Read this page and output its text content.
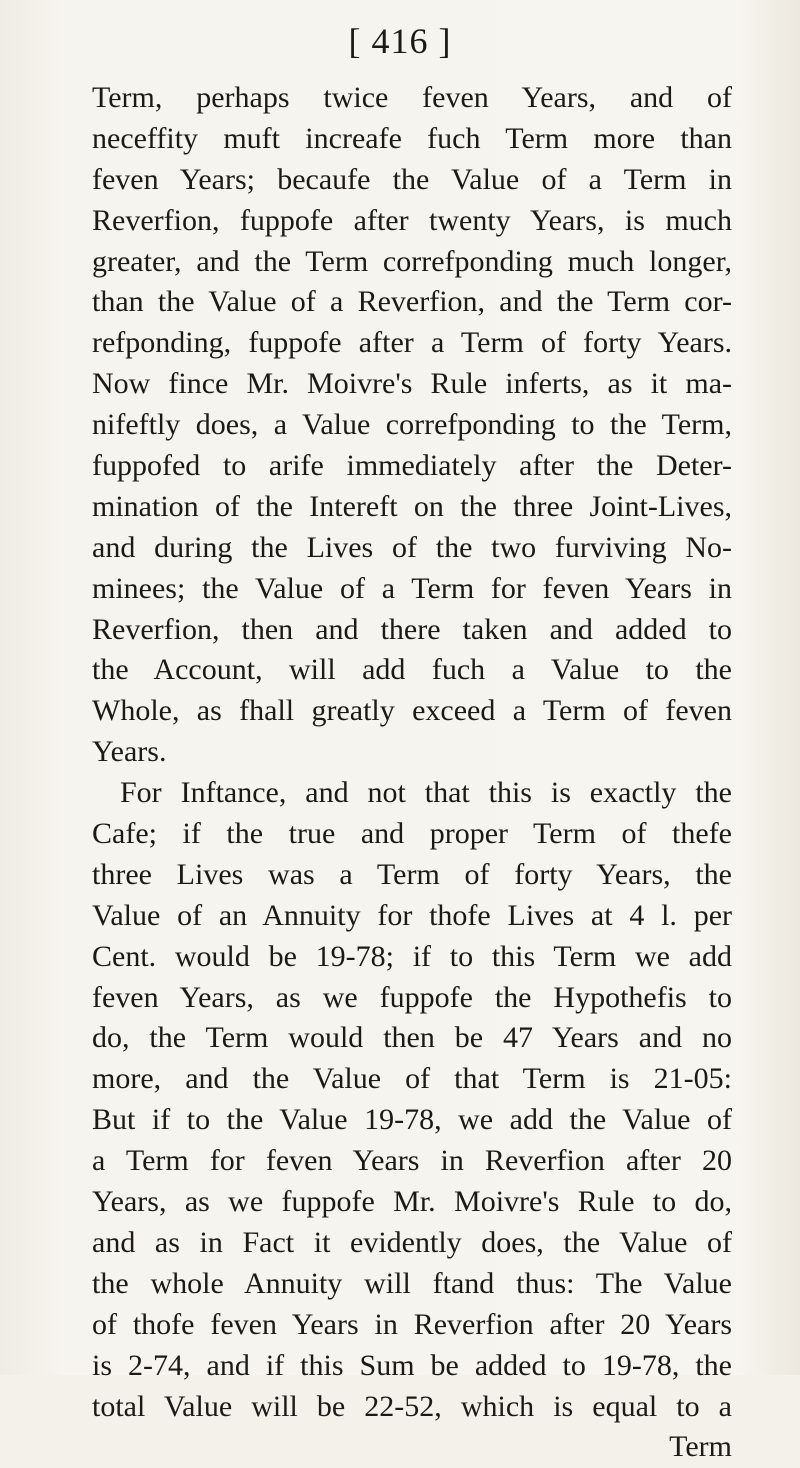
[ 416 ]
Term, perhaps twice feven Years, and of
neceffity muft increafe fuch Term more than
feven Years; becaufe the Value of a Term in
Reverfion, fuppofe after twenty Years, is much
greater, and the Term correfponding much longer,
than the Value of a Reverfion, and the Term cor-
refponding, fuppofe after a Term of forty Years.
Now fince Mr. Moivre's Rule inferts, as it ma-
nifeftly does, a Value correfponding to the Term,
fuppofed to arife immediately after the Deter-
mination of the Intereft on the three Joint-Lives,
and during the Lives of the two furviving No-
minees; the Value of a Term for feven Years in
Reverfion, then and there taken and added to
the Account, will add fuch a Value to the
Whole, as fhall greatly exceed a Term of feven
Years.
For Inftance, and not that this is exactly the
Cafe; if the true and proper Term of thefe
three Lives was a Term of forty Years, the
Value of an Annuity for thofe Lives at 4 l. per
Cent. would be 19-78; if to this Term we add
feven Years, as we fuppofe the Hypothefis to
do, the Term would then be 47 Years and no
more, and the Value of that Term is 21-05:
But if to the Value 19-78, we add the Value of
a Term for feven Years in Reverfion after 20
Years, as we fuppofe Mr. Moivre's Rule to do,
and as in Fact it evidently does, the Value of
the whole Annuity will ftand thus: The Value
of thofe feven Years in Reverfion after 20 Years
is 2-74, and if this Sum be added to 19-78, the
total Value will be 22-52, which is equal to a
Term
